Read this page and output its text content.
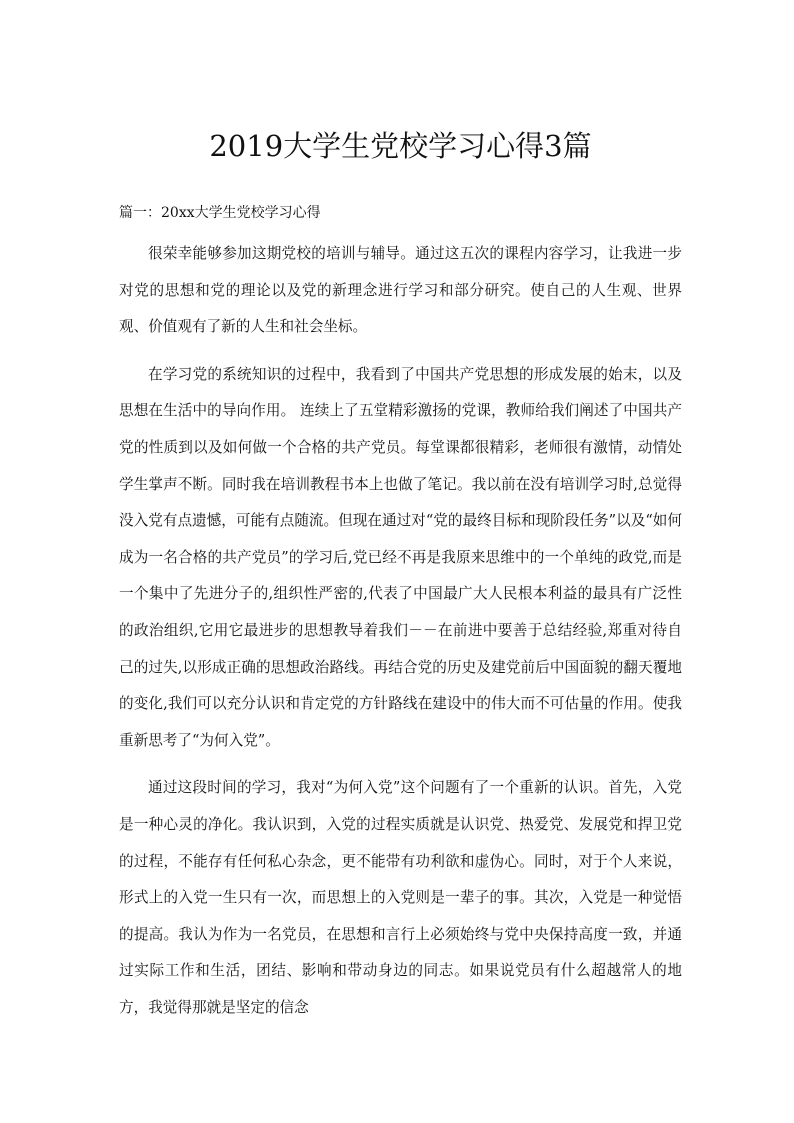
2019大学生党校学习心得3篇
篇一：20xx大学生党校学习心得

很荣幸能够参加这期党校的培训与辅导。通过这五次的课程内容学习，让我进一步对党的思想和党的理论以及党的新理念进行学习和部分研究。使自己的人生观、世界观、价值观有了新的人生和社会坐标。

在学习党的系统知识的过程中，我看到了中国共产党思想的形成发展的始末，以及思想在生活中的导向作用。 连续上了五堂精彩激扬的党课，教师给我们阐述了中国共产党的性质到以及如何做一个合格的共产党员。每堂课都很精彩，老师很有激情，动情处学生掌声不断。同时我在培训教程书本上也做了笔记。我以前在没有培训学习时,总觉得没入党有点遗憾，可能有点随流。但现在通过对“党的最终目标和现阶段任务”以及“如何成为一名合格的共产党员”的学习后,党已经不再是我原来思维中的一个单纯的政党,而是一个集中了先进分子的,组织性严密的,代表了中国最广大人民根本利益的最具有广泛性的政治组织,它用它最进步的思想教导着我们－－在前进中要善于总结经验,郑重对待自己的过失,以形成正确的思想政治路线。再结合党的历史及建党前后中国面貌的翻天覆地的变化,我们可以充分认识和肯定党的方针路线在建设中的伟大而不可估量的作用。使我重新思考了“为何入党”。

通过这段时间的学习，我对“为何入党”这个问题有了一个重新的认识。首先，入党是一种心灵的净化。我认识到，入党的过程实质就是认识党、热爱党、发展党和捍卫党的过程，不能存有任何私心杂念，更不能带有功利欲和虚伪心。同时，对于个人来说，形式上的入党一生只有一次，而思想上的入党则是一辈子的事。其次，入党是一种觉悟的提高。我认为作为一名党员，在思想和言行上必须始终与党中央保持高度一致，并通过实际工作和生活，团结、影响和带动身边的同志。如果说党员有什么超越常人的地方，我觉得那就是坚定的信念
